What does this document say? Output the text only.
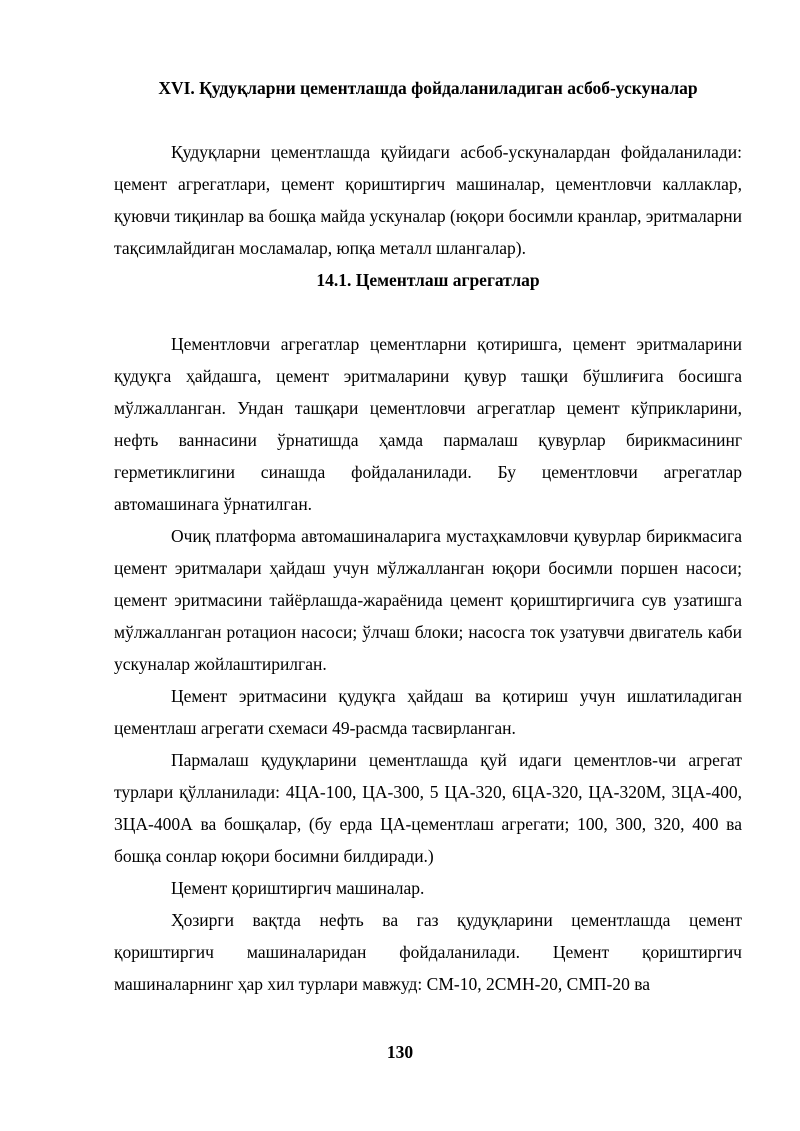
XVI. Қудуқларни цементлашда фойдаланиладиган асбоб-ускуналар

Қудуқларни цементлашда қуйидаги асбоб-ускуналардан фойдаланилади: цемент агрегатлари, цемент қориштиргич машиналар, цементловчи каллаклар, қуювчи тиқинлар ва бошқа майда ускуналар (юқори босимли кранлар, эритмаларни тақсимлайдиган мосламалар, юпқа металл шлангалар).

14.1. Цементлаш агрегатлар

Цементловчи агрегатлар цементларни қотиришга, цемент эритмаларини қудуқга ҳайдашга, цемент эритмаларини қувур ташқи бўшлиғига босишга мўлжалланган. Ундан ташқари цементловчи агрегатлар цемент кўприкларини, нефть ваннасини ўрнатишда ҳамда пармалаш қувурлар бирикмасининг герметиклигини синашда фойдаланилади. Бу цементловчи агрегатлар автомашинага ўрнатилган.

Очиқ платформа автомашиналарига мустаҳкамловчи қувурлар бирикмасига цемент эритмалари ҳайдаш учун мўлжалланган юқори босимли поршен насоси; цемент эритмасини тайёрлашда-жараёнида цемент қориштиргичига сув узатишга мўлжалланган ротацион насоси; ўлчаш блоки; насосга ток узатувчи двигатель каби ускуналар жойлаштирилган.

Цемент эритмасини қудуқга ҳайдаш ва қотириш учун ишлатиладиган цементлаш агрегати схемаси 49-расмда тасвирланган.

Пармалаш қудуқларини цементлашда қуй идаги цементлов-чи агрегат турлари қўлланилади: 4ЦА-100, ЦА-300, 5 ЦА-320, 6ЦА-320, ЦА-320М, 3ЦА-400, 3ЦА-400А ва бошқалар, (бу ерда ЦА-цементлаш агрегати; 100, 300, 320, 400 ва бошқа сонлар юқори босимни билдиради.)

Цемент қориштиргич машиналар.

Ҳозирги вақтда нефть ва газ қудуқларини цементлашда цемент қориштиргич машиналаридан фойдаланилади. Цемент қориштиргич машиналарнинг ҳар хил турлари мавжуд: СМ-10, 2СМН-20, СМП-20 ва

130
